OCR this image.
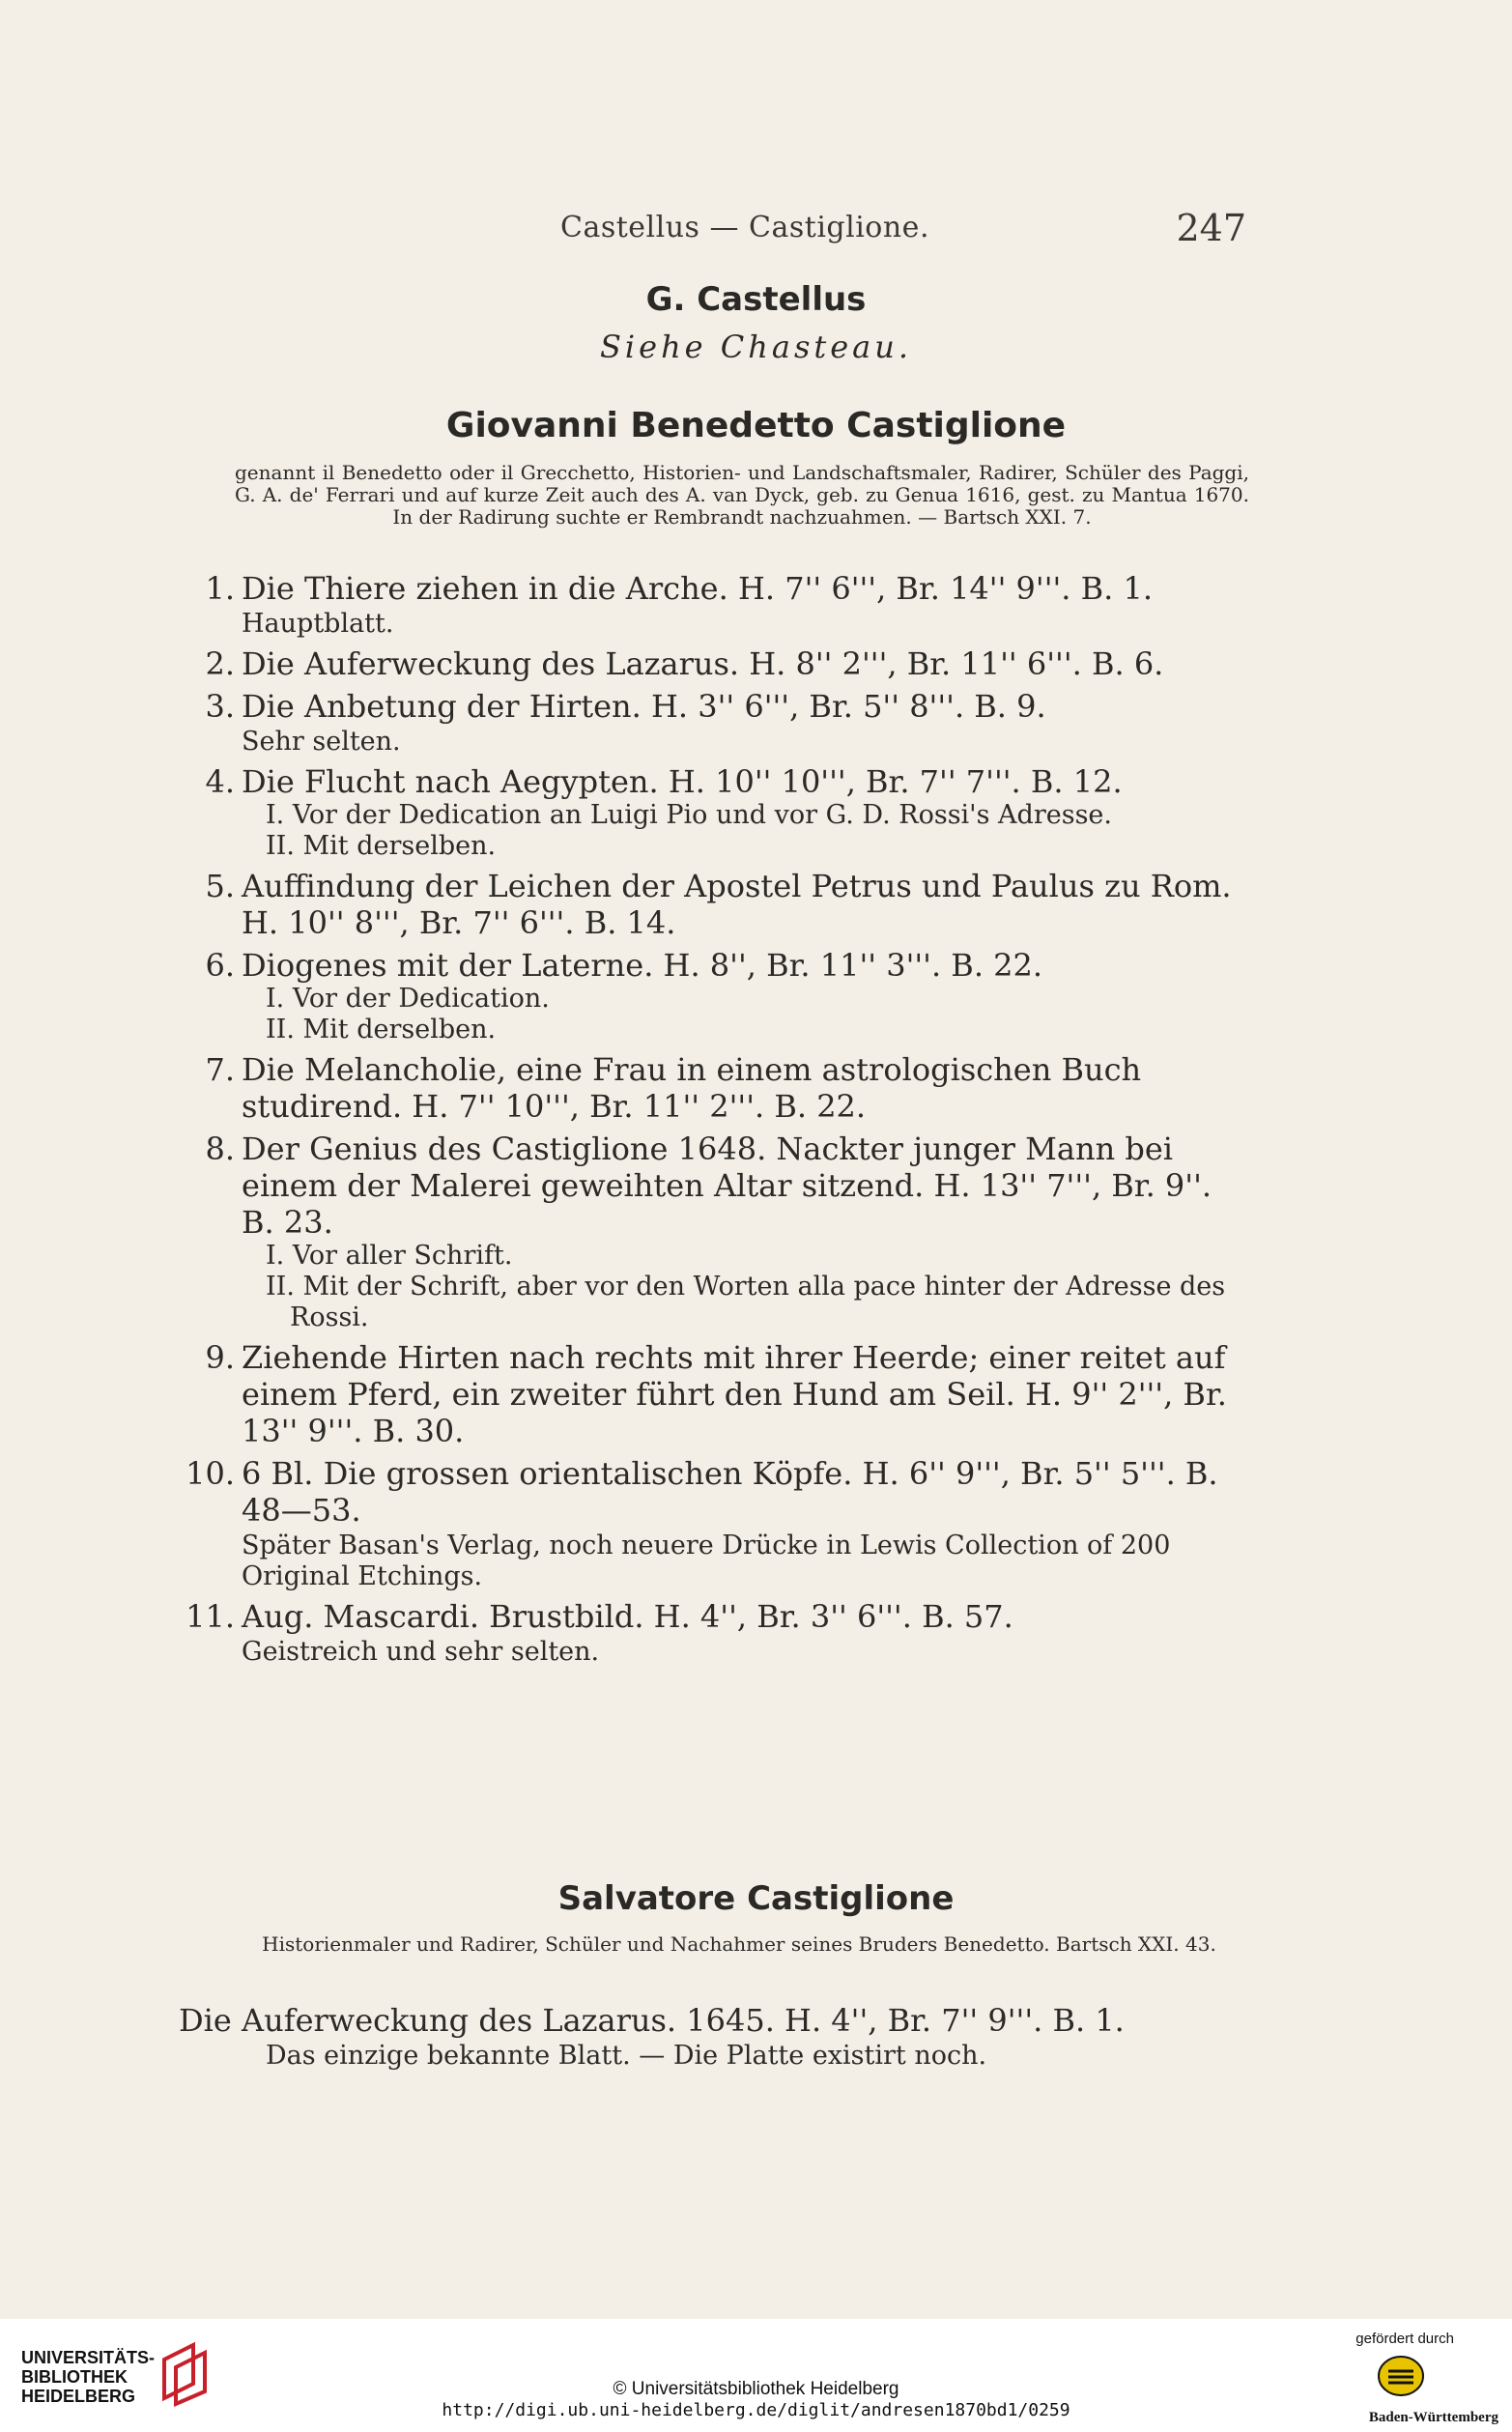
Castellus — Castiglione.	247
G. Castellus
Siehe Chasteau.
Giovanni Benedetto Castiglione
genannt il Benedetto oder il Grecchetto, Historien- und Landschaftsmaler, Radirer, Schüler des Paggi, G. A. de' Ferrari und auf kurze Zeit auch des A. van Dyck, geb. zu Genua 1616, gest. zu Mantua 1670. In der Radirung suchte er Rembrandt nachzuahmen. — Bartsch XXI. 7.
1. Die Thiere ziehen in die Arche. H. 7'' 6''', Br. 14'' 9'''. B. 1.
Hauptblatt.
2. Die Auferweckung des Lazarus. H. 8'' 2''', Br. 11'' 6'''. B. 6.
3. Die Anbetung der Hirten. H. 3'' 6''', Br. 5'' 8'''. B. 9.
Sehr selten.
4. Die Flucht nach Aegypten. H. 10'' 10''', Br. 7'' 7'''. B. 12.
I. Vor der Dedication an Luigi Pio und vor G. D. Rossi's Adresse.
II. Mit derselben.
5. Auffindung der Leichen der Apostel Petrus und Paulus zu Rom. H. 10'' 8''', Br. 7'' 6'''. B. 14.
6. Diogenes mit der Laterne. H. 8'', Br. 11'' 3'''. B. 22.
I. Vor der Dedication.
II. Mit derselben.
7. Die Melancholie, eine Frau in einem astrologischen Buch studirend. H. 7'' 10''', Br. 11'' 2'''. B. 22.
8. Der Genius des Castiglione 1648. Nackter junger Mann bei einem der Malerei geweihten Altar sitzend. H. 13'' 7''', Br. 9''. B. 23.
I. Vor aller Schrift.
II. Mit der Schrift, aber vor den Worten alla pace hinter der Adresse des Rossi.
9. Ziehende Hirten nach rechts mit ihrer Heerde; einer reitet auf einem Pferd, ein zweiter führt den Hund am Seil. H. 9'' 2''', Br. 13'' 9'''. B. 30.
10. 6 Bl. Die grossen orientalischen Köpfe. H. 6'' 9''', Br. 5'' 5'''. B. 48—53.
Später Basan's Verlag, noch neuere Drücke in Lewis Collection of 200 Original Etchings.
11. Aug. Mascardi. Brustbild. H. 4'', Br. 3'' 6'''. B. 57.
Geistreich und sehr selten.
Salvatore Castiglione
Historienmaler und Radirer, Schüler und Nachahmer seines Bruders Benedetto. Bartsch XXI. 43.
Die Auferweckung des Lazarus. 1645. H. 4'', Br. 7'' 9'''. B. 1.
Das einzige bekannte Blatt. — Die Platte existirt noch.
UNIVERSITÄTS-
BIBLIOTHEK
HEIDELBERG	© Universitätsbibliothek Heidelberg
http://digi.ub.uni-heidelberg.de/diglit/andresen1870bd1/0259
gefördert durch
Baden-Württemberg
